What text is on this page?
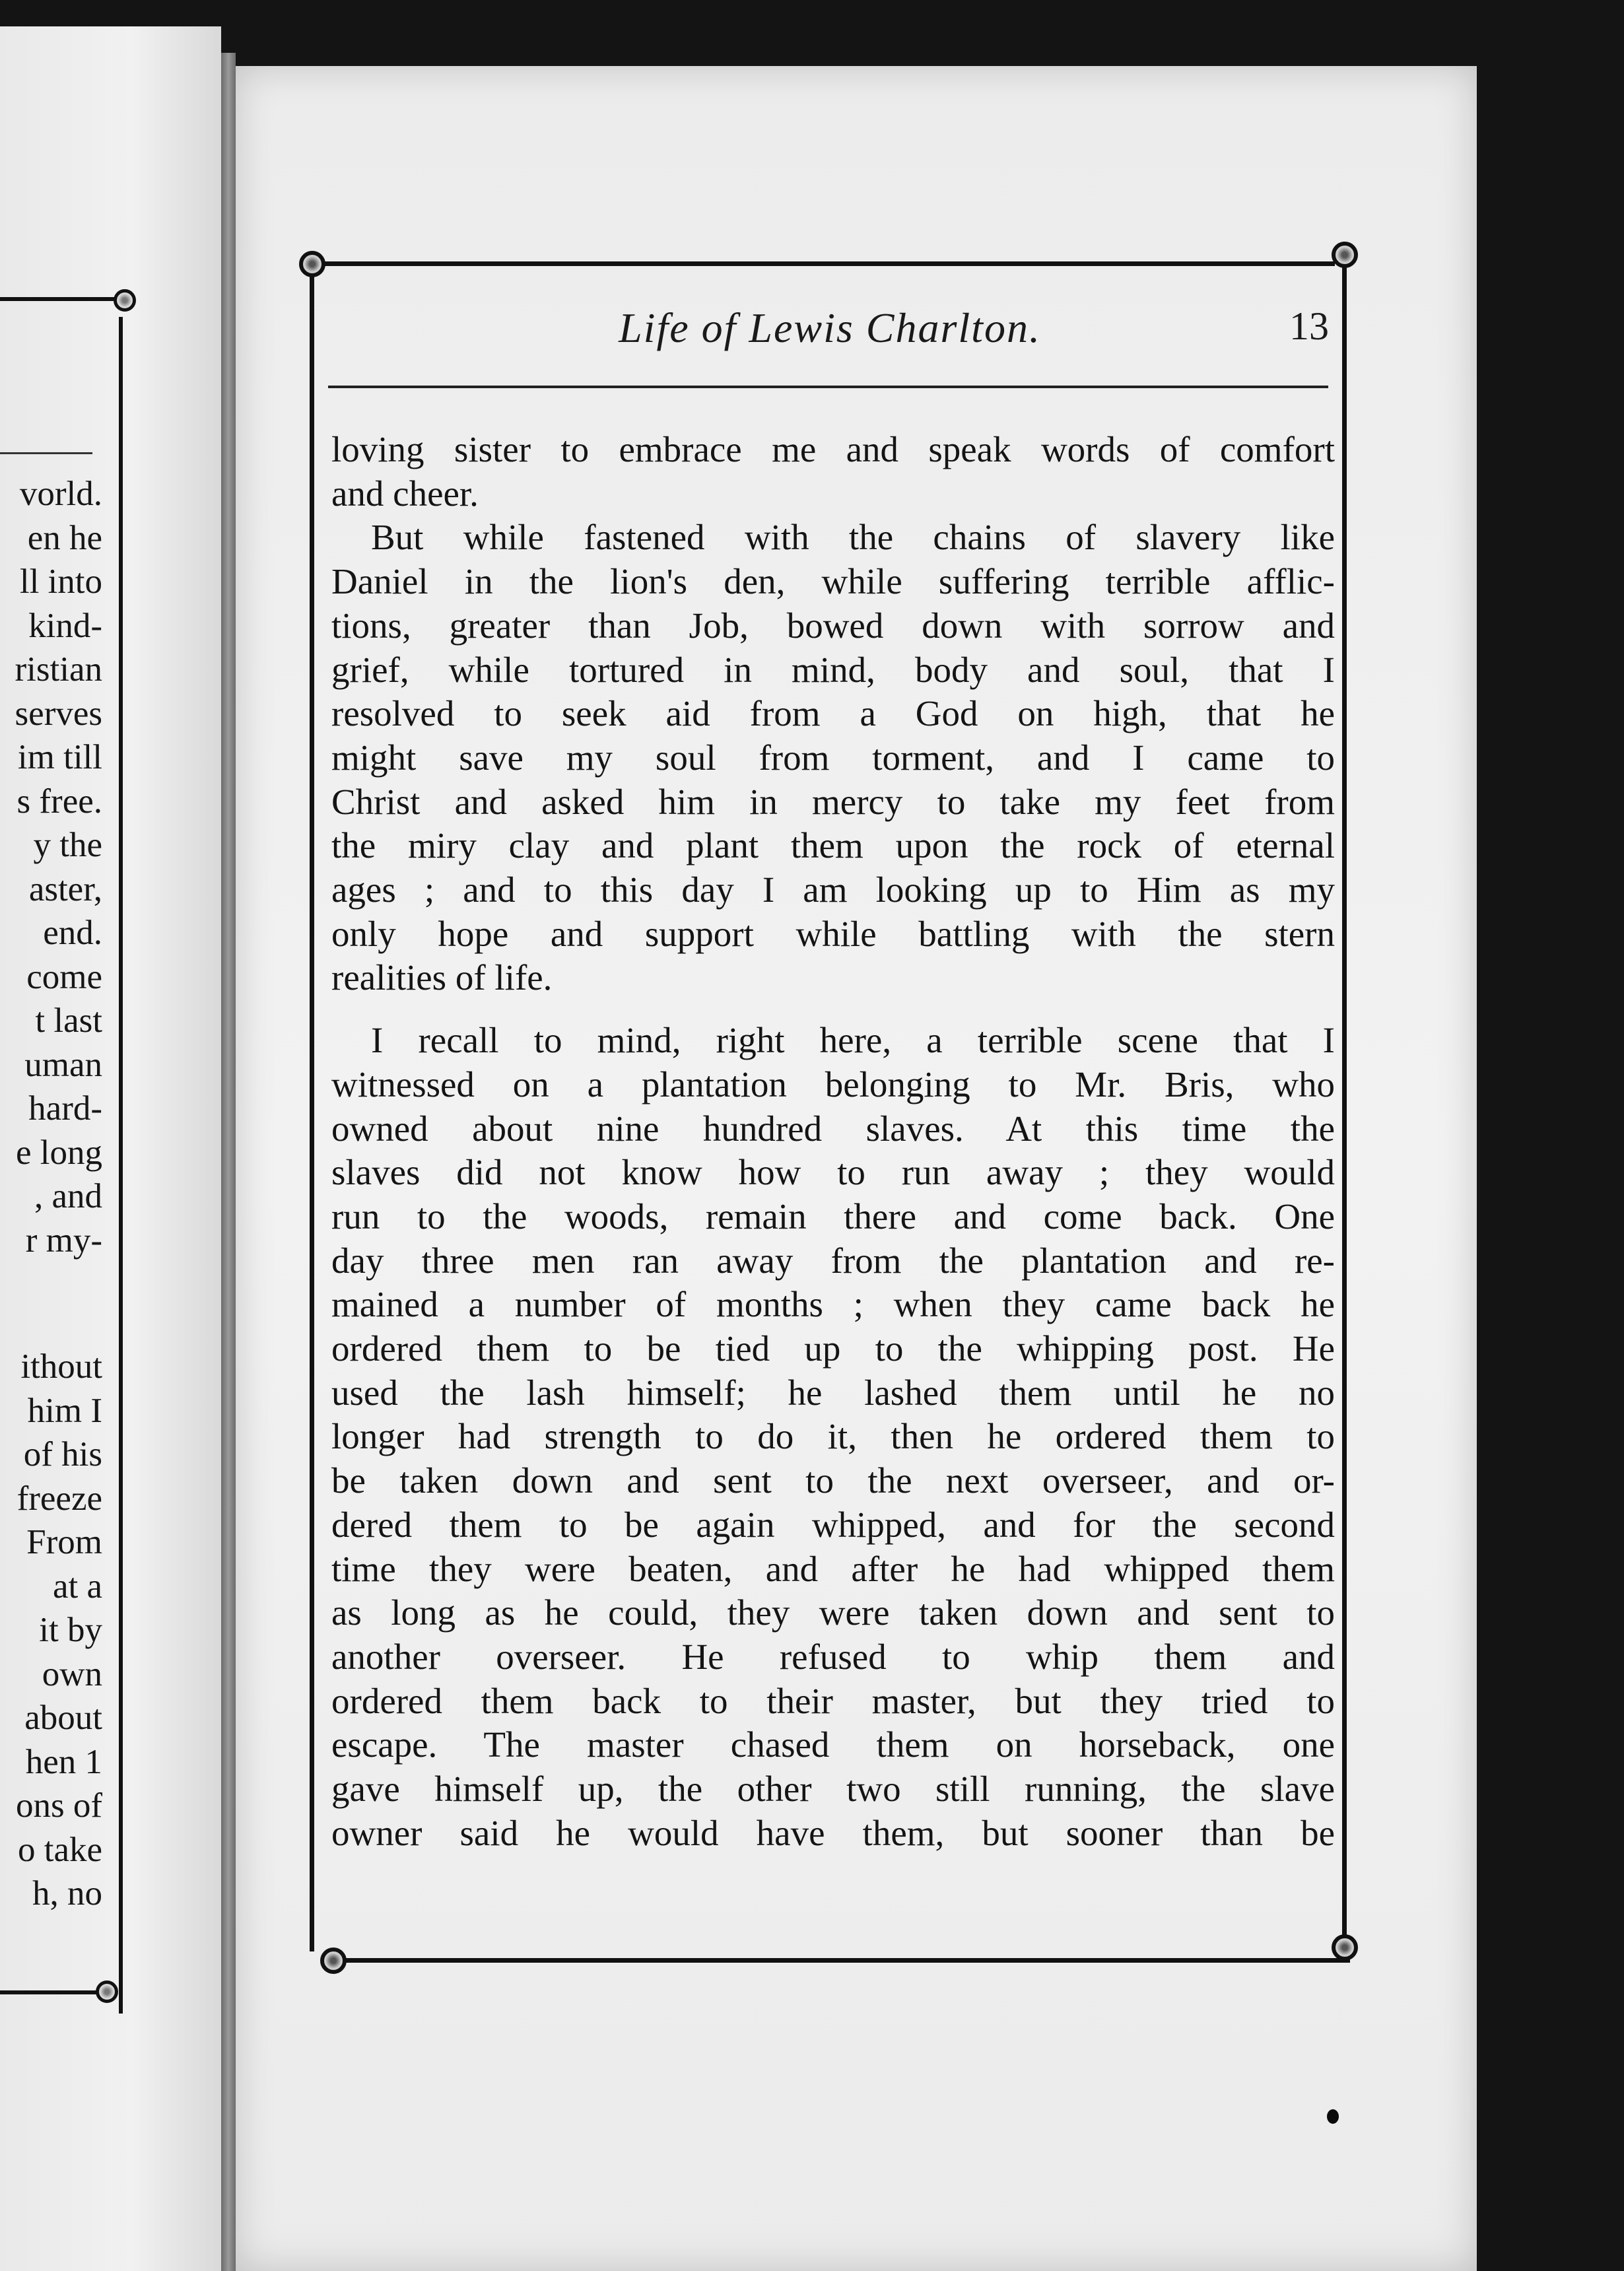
vorld.
en he
ll into
kind-
ristian
serves
im till
s free.
y the
aster,
end.
come
t last
uman
hard-
e long
, and
r my-
ithout
him I
of his
freeze
From
at a
it by
own
about
hen 1
ons of
o take
h, no
Life of Lewis Charlton.	13
loving sister to embrace me and speak words of comfort
and cheer.
But while fastened with the chains of slavery like
Daniel in the lion's den, while suffering terrible afflic-
tions, greater than Job, bowed down with sorrow and
grief, while tortured in mind, body and soul, that I
resolved to seek aid from a God on high, that he
might save my soul from torment, and I came to
Christ and asked him in mercy to take my feet from
the miry clay and plant them upon the rock of eternal
ages ; and to this day I am looking up to Him as my
only hope and support while battling with the stern
realities of life.
I recall to mind, right here, a terrible scene that I
witnessed on a plantation belonging to Mr. Bris, who
owned about nine hundred slaves. At this time the
slaves did not know how to run away ; they would
run to the woods, remain there and come back. One
day three men ran away from the plantation and re-
mained a number of months ; when they came back he
ordered them to be tied up to the whipping post. He
used the lash himself; he lashed them until he no
longer had strength to do it, then he ordered them to
be taken down and sent to the next overseer, and or-
dered them to be again whipped, and for the second
time they were beaten, and after he had whipped them
as long as he could, they were taken down and sent to
another overseer. He refused to whip them and
ordered them back to their master, but they tried to
escape. The master chased them on horseback, one
gave himself up, the other two still running, the slave
owner said he would have them, but sooner than be
